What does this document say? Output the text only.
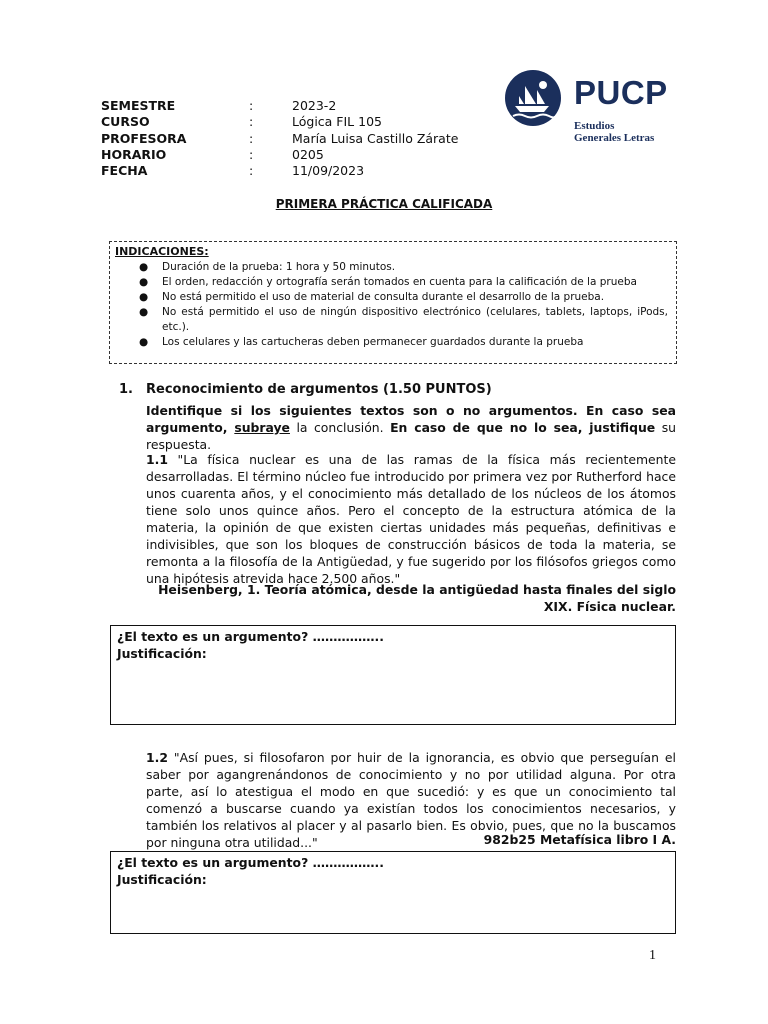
SEMESTRE	:	2023-2
CURSO	:	Lógica FIL 105
PROFESORA	:	María Luisa Castillo Zárate
HORARIO	:	0205
FECHA	:	11/09/2023
PUCP
Estudios
Generales Letras
PRIMERA PRÁCTICA CALIFICADA
INDICACIONES:
● Duración de la prueba: 1 hora y 50 minutos.
● El orden, redacción y ortografía serán tomados en cuenta para la calificación de la prueba
● No está permitido el uso de material de consulta durante el desarrollo de la prueba.
● No está permitido el uso de ningún dispositivo electrónico (celulares, tablets, laptops, iPods, etc.).
● Los celulares y las cartucheras deben permanecer guardados durante la prueba
1. Reconocimiento de argumentos (1.50 PUNTOS)
Identifique si los siguientes textos son o no argumentos. En caso sea argumento, subraye la conclusión. En caso de que no lo sea, justifique su respuesta.
1.1 "La física nuclear es una de las ramas de la física más recientemente desarrolladas. El término núcleo fue introducido por primera vez por Rutherford hace unos cuarenta años, y el conocimiento más detallado de los núcleos de los átomos tiene solo unos quince años. Pero el concepto de la estructura atómica de la materia, la opinión de que existen ciertas unidades más pequeñas, definitivas e indivisibles, que son los bloques de construcción básicos de toda la materia, se remonta a la filosofía de la Antigüedad, y fue sugerido por los filósofos griegos como una hipótesis atrevida hace 2.500 años."
Heisenberg, 1. Teoría atómica, desde la antigüedad hasta finales del siglo XIX. Física nuclear.
¿El texto es un argumento? ……………..
Justificación:
1.2 "Así pues, si filosofaron por huir de la ignorancia, es obvio que perseguían el saber por agangrenándonos de conocimiento y no por utilidad alguna. Por otra parte, así lo atestigua el modo en que sucedió: y es que un conocimiento tal comenzó a buscarse cuando ya existían todos los conocimientos necesarios, y también los relativos al placer y al pasarlo bien. Es obvio, pues, que no la buscamos por ninguna otra utilidad..."	982b25 Metafísica libro I A.
¿El texto es un argumento? ……………..
Justificación:
1
